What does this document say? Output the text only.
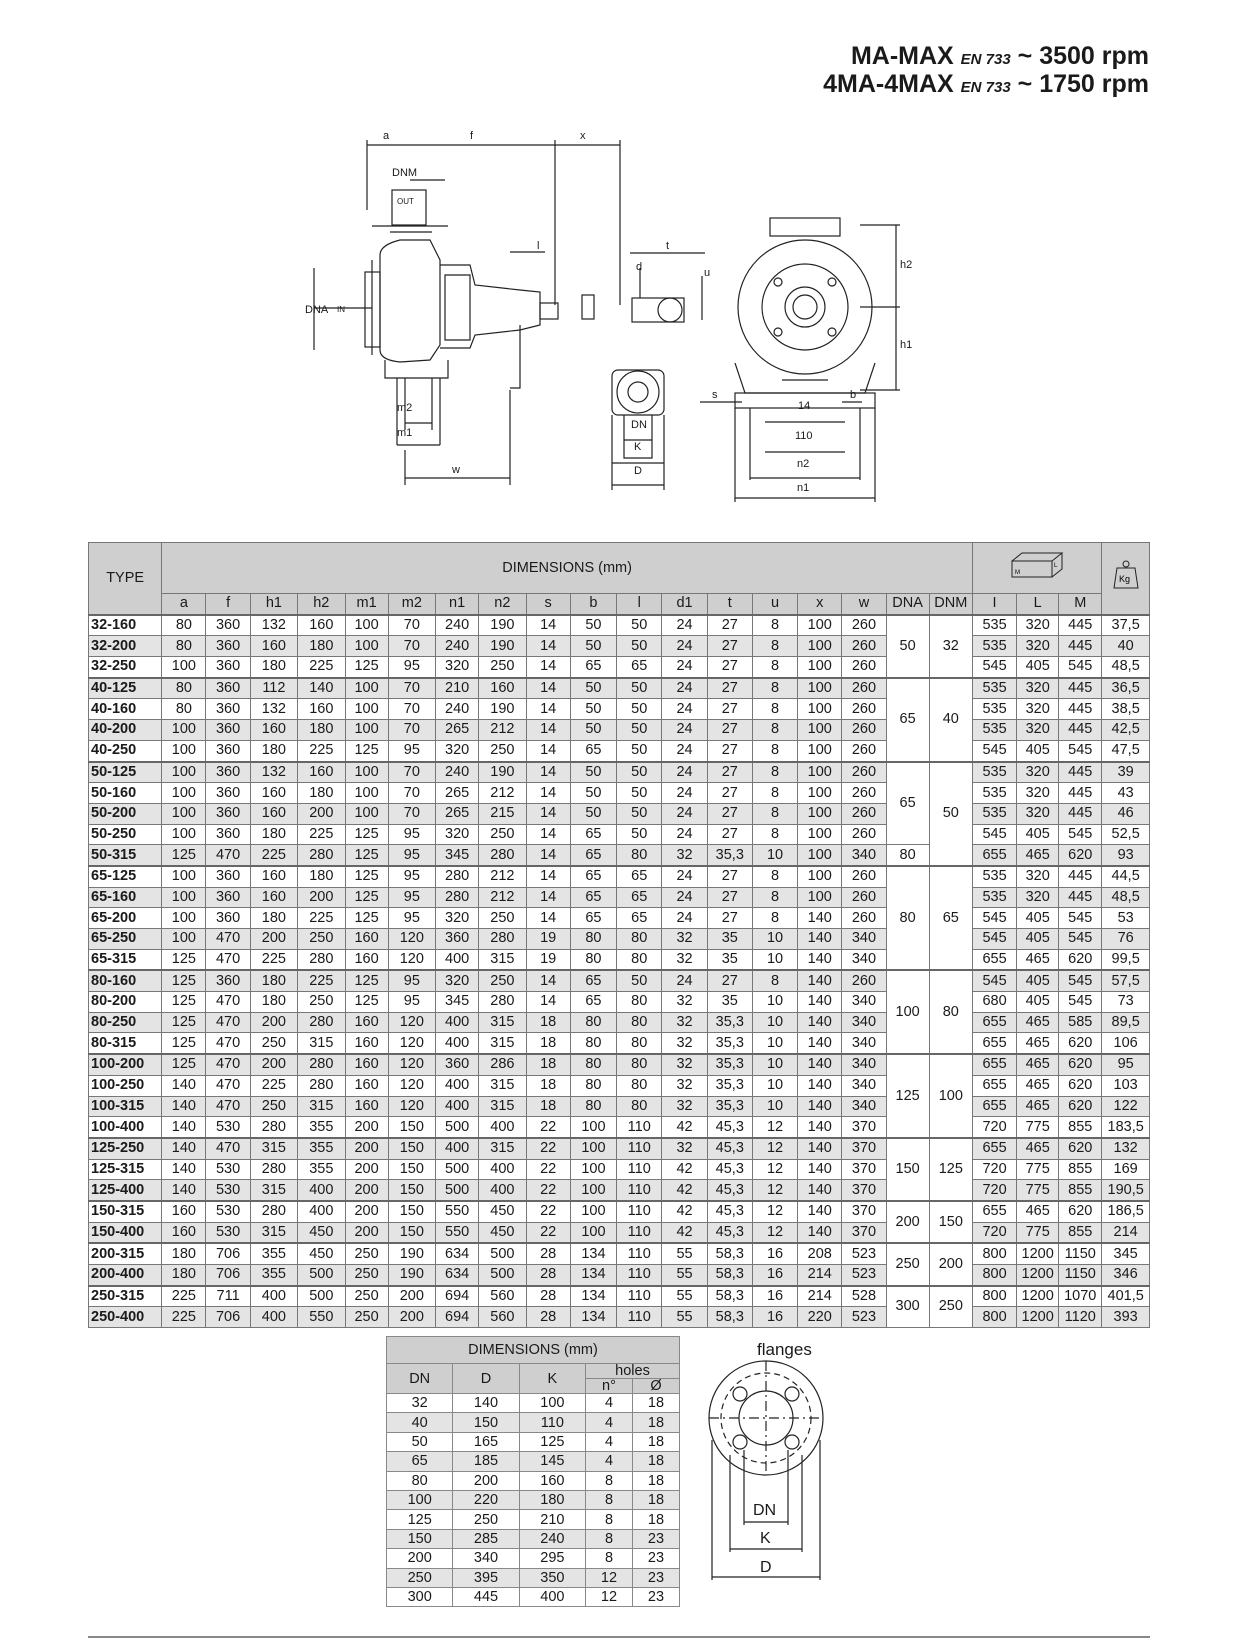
MA-MAX EN 733 ~ 3500 rpm
4MA-4MAX EN 733 ~ 1750 rpm
a	f	x
DNM
OUT
DNA IN
l	t
d	u
m2
m1
w
DN
K
D
h2
h1
s	b
14
110
n2
n1
DN
K
D
TYPE	DIMENSIONS (mm)																		M
L			Kg

	a	f	h1	h2	m1	m2	n1	n2	s	b	l	d1	t	u	x	w	DNA	DNM	I	L	M	
32-160	80	360	132	160	100	70	240	190	14	50	50	24	27	8	100	260	50	32	535	320	445	37,5
32-200	80	360	160	180	100	70	240	190	14	50	50	24	27	8	100	260			535	320	445	40
32-250	100	360	180	225	125	95	320	250	14	65	65	24	27	8	100	260			545	405	545	48,5
40-125	80	360	112	140	100	70	210	160	14	50	50	24	27	8	100	260	65	40	535	320	445	36,5
40-160	80	360	132	160	100	70	240	190	14	50	50	24	27	8	100	260			535	320	445	38,5
40-200	100	360	160	180	100	70	265	212	14	50	50	24	27	8	100	260			535	320	445	42,5
40-250	100	360	180	225	125	95	320	250	14	65	50	24	27	8	100	260			545	405	545	47,5
50-125	100	360	132	160	100	70	240	190	14	50	50	24	27	8	100	260	65	50	535	320	445	39
50-160	100	360	160	180	100	70	265	212	14	50	50	24	27	8	100	260			535	320	445	43
50-200	100	360	160	200	100	70	265	215	14	50	50	24	27	8	100	260			535	320	445	46
50-250	100	360	180	225	125	95	320	250	14	65	50	24	27	8	100	260			545	405	545	52,5
50-315	125	470	225	280	125	95	345	280	14	65	80	32	35,3	10	100	340	80		655	465	620	93
65-125	100	360	160	180	125	95	280	212	14	65	65	24	27	8	100	260	80	65	535	320	445	44,5
65-160	100	360	160	200	125	95	280	212	14	65	65	24	27	8	100	260			535	320	445	48,5
65-200	100	360	180	225	125	95	320	250	14	65	65	24	27	8	140	260			545	405	545	53
65-250	100	470	200	250	160	120	360	280	19	80	80	32	35	10	140	340			545	405	545	76
65-315	125	470	225	280	160	120	400	315	19	80	80	32	35	10	140	340			655	465	620	99,5
80-160	125	360	180	225	125	95	320	250	14	65	50	24	27	8	140	260	100	80	545	405	545	57,5
80-200	125	470	180	250	125	95	345	280	14	65	80	32	35	10	140	340			680	405	545	73
80-250	125	470	200	280	160	120	400	315	18	80	80	32	35,3	10	140	340			655	465	585	89,5
80-315	125	470	250	315	160	120	400	315	18	80	80	32	35,3	10	140	340			655	465	620	106
100-200	125	470	200	280	160	120	360	286	18	80	80	32	35,3	10	140	340	125	100	655	465	620	95
100-250	140	470	225	280	160	120	400	315	18	80	80	32	35,3	10	140	340			655	465	620	103
100-315	140	470	250	315	160	120	400	315	18	80	80	32	35,3	10	140	340			655	465	620	122
100-400	140	530	280	355	200	150	500	400	22	100	110	42	45,3	12	140	370			720	775	855	183,5
125-250	140	470	315	355	200	150	400	315	22	100	110	32	45,3	12	140	370	150	125	655	465	620	132
125-315	140	530	280	355	200	150	500	400	22	100	110	42	45,3	12	140	370			720	775	855	169
125-400	140	530	315	400	200	150	500	400	22	100	110	42	45,3	12	140	370			720	775	855	190,5
150-315	160	530	280	400	200	150	550	450	22	100	110	42	45,3	12	140	370	200	150	655	465	620	186,5
150-400	160	530	315	450	200	150	550	450	22	100	110	42	45,3	12	140	370			720	775	855	214
200-315	180	706	355	450	250	190	634	500	28	134	110	55	58,3	16	208	523	250	200	800	1200	1150	345
200-400	180	706	355	500	250	190	634	500	28	134	110	55	58,3	16	214	523			800	1200	1150	346
250-315	225	711	400	500	250	200	694	560	28	134	110	55	58,3	16	214	528	300	250	800	1200	1070	401,5
250-400	225	706	400	550	250	200	694	560	28	134	110	55	58,3	16	220	523			800	1200	1120	393
DIMENSIONS (mm)				
DN	D	K	holes	
			n°	Ø
32	140	100	4	18
40	150	110	4	18
50	165	125	4	18
65	185	145	4	18
80	200	160	8	18
100	220	180	8	18
125	250	210	8	18
150	285	240	8	23
200	340	295	8	23
250	395	350	12	23
300	445	400	12	23
flanges
